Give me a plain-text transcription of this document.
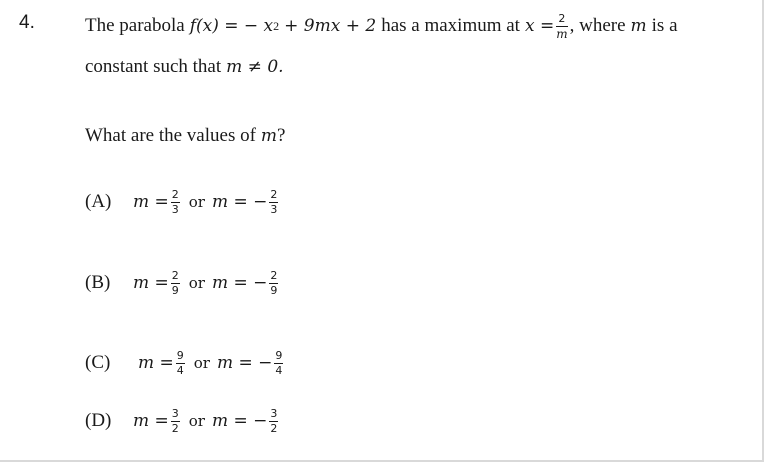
4.	The parabola f(x) = − x 2 + 9mx + 2 has a maximum at $x = \frac{2}{m}$ , where m is a
constant such that m ≠ 0.
What are the values of m ?
(A)	$m = \frac{2}{3}$ or m = − $\frac{2}{3}$
(B)	$m = \frac{2}{9}$ or m = − $\frac{2}{9}$
(C)	$m = \frac{9}{4}$ or m = − $\frac{9}{4}$
(D)	$m = \frac{3}{2}$ or m = − $\frac{3}{2}$
